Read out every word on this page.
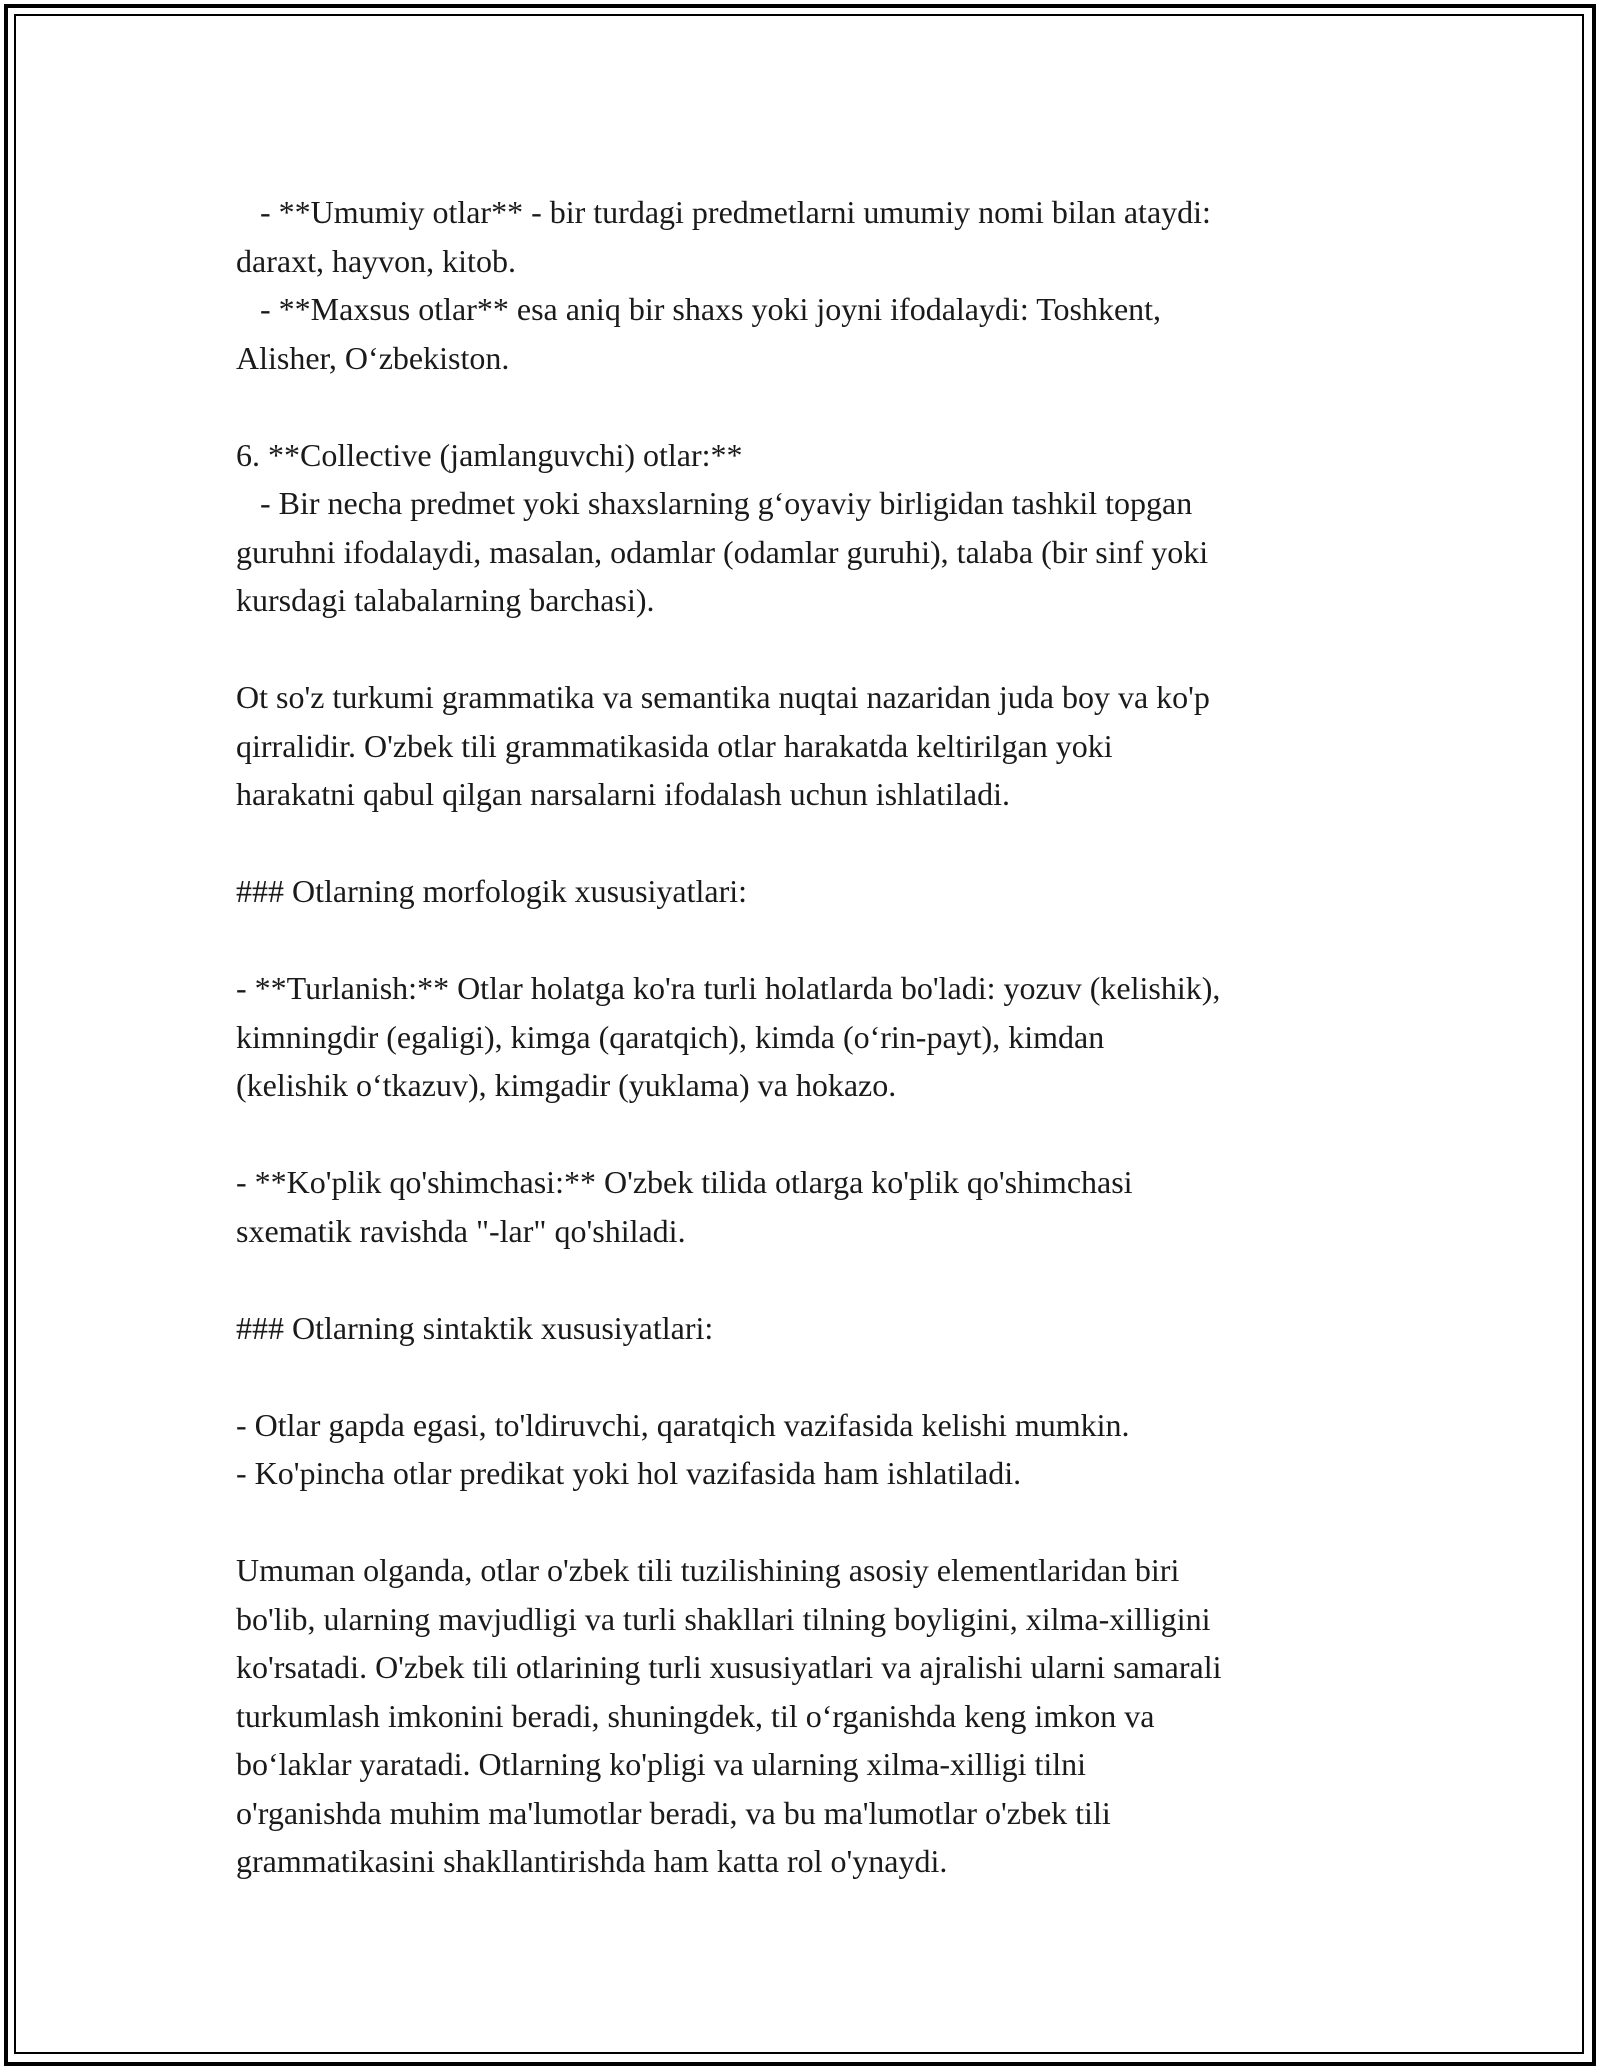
- **Umumiy otlar** - bir turdagi predmetlarni umumiy nomi bilan ataydi:
daraxt, hayvon, kitob.
- **Maxsus otlar** esa aniq bir shaxs yoki joyni ifodalaydi: Toshkent,
Alisher, O‘zbekiston.
6. **Collective (jamlanguvchi) otlar:**
- Bir necha predmet yoki shaxslarning g‘oyaviy birligidan tashkil topgan
guruhni ifodalaydi, masalan, odamlar (odamlar guruhi), talaba (bir sinf yoki
kursdagi talabalarning barchasi).
Ot so'z turkumi grammatika va semantika nuqtai nazaridan juda boy va ko'p
qirralidir. O'zbek tili grammatikasida otlar harakatda keltirilgan yoki
harakatni qabul qilgan narsalarni ifodalash uchun ishlatiladi.
### Otlarning morfologik xususiyatlari:
- **Turlanish:** Otlar holatga ko'ra turli holatlarda bo'ladi: yozuv (kelishik),
kimningdir (egaligi), kimga (qaratqich), kimda (o‘rin-payt), kimdan
(kelishik o‘tkazuv), kimgadir (yuklama) va hokazo.
- **Ko'plik qo'shimchasi:** O'zbek tilida otlarga ko'plik qo'shimchasi
sxematik ravishda "-lar" qo'shiladi.
### Otlarning sintaktik xususiyatlari:
- Otlar gapda egasi, to'ldiruvchi, qaratqich vazifasida kelishi mumkin.
- Ko'pincha otlar predikat yoki hol vazifasida ham ishlatiladi.
Umuman olganda, otlar o'zbek tili tuzilishining asosiy elementlaridan biri
bo'lib, ularning mavjudligi va turli shakllari tilning boyligini, xilma-xilligini
ko'rsatadi. O'zbek tili otlarining turli xususiyatlari va ajralishi ularni samarali
turkumlash imkonini beradi, shuningdek, til o‘rganishda keng imkon va
bo‘laklar yaratadi. Otlarning ko'pligi va ularning xilma-xilligi tilni
o'rganishda muhim ma'lumotlar beradi, va bu ma'lumotlar o'zbek tili
grammatikasini shakllantirishda ham katta rol o'ynaydi.
